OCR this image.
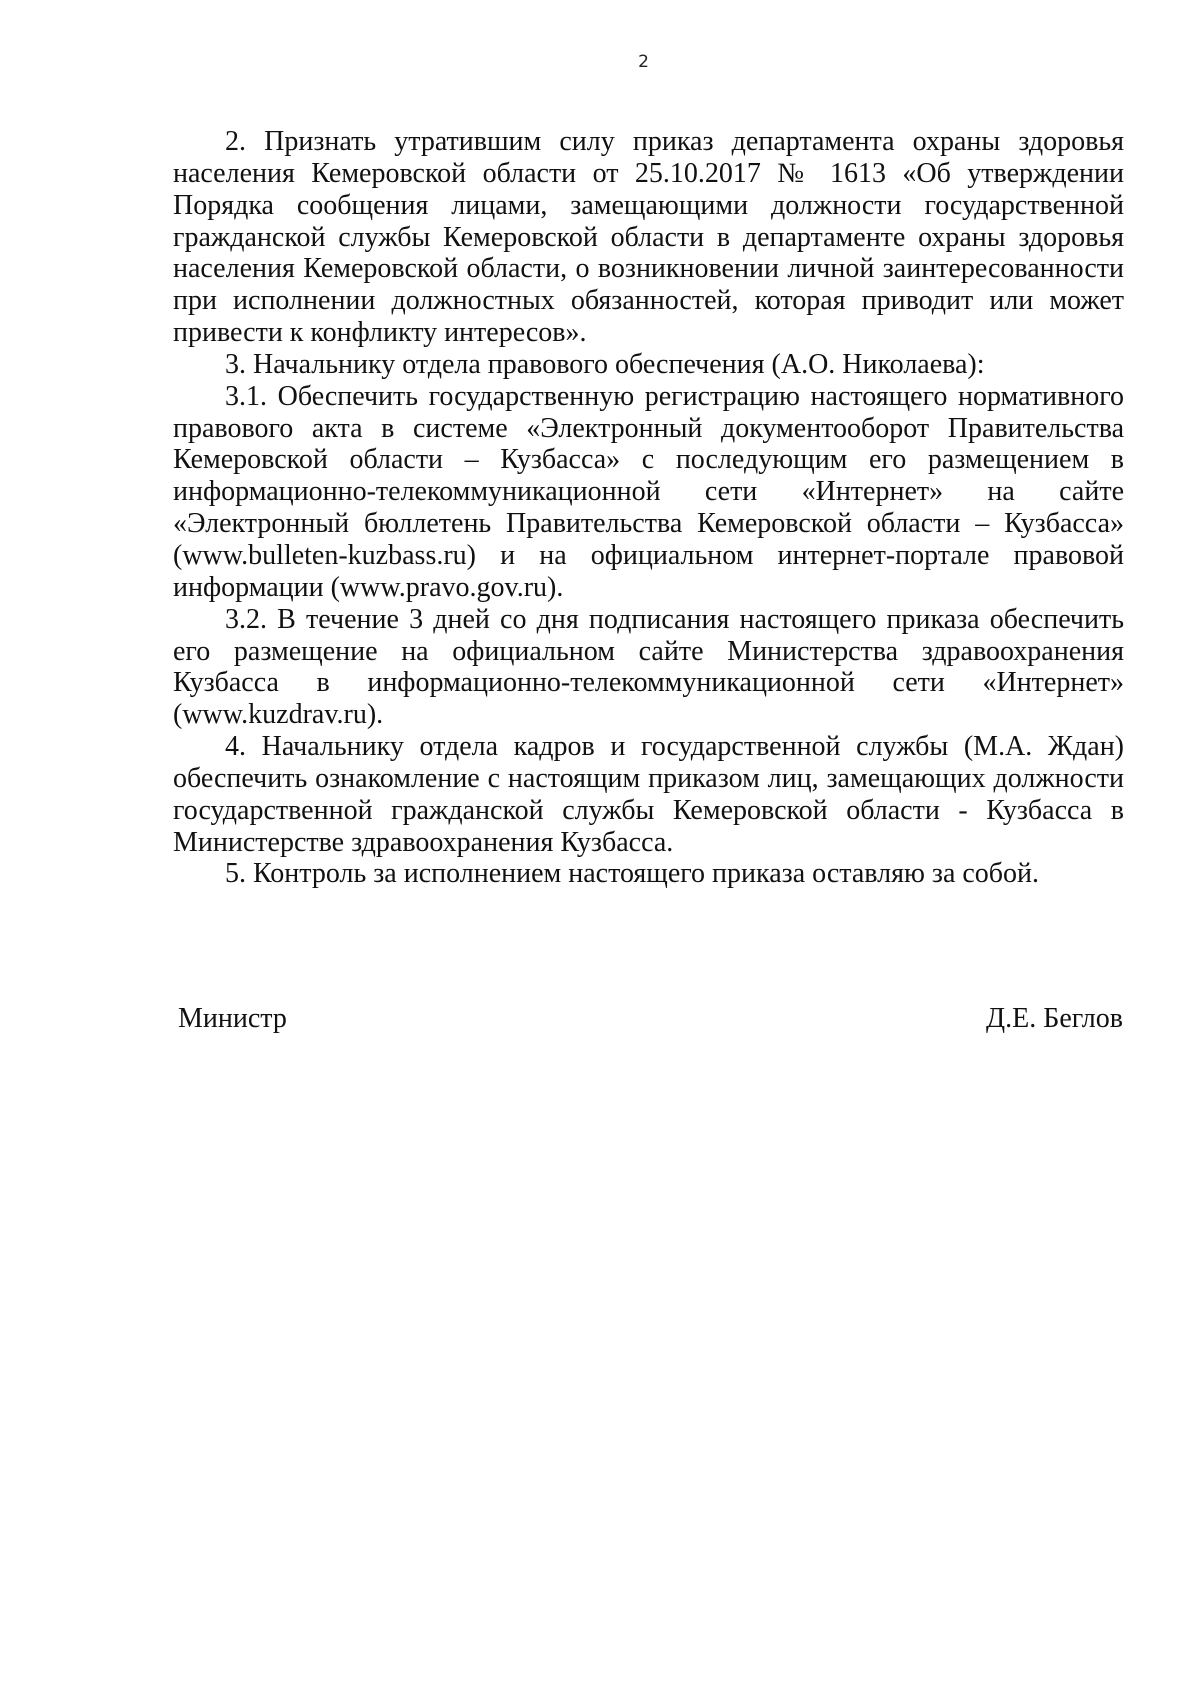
2

2. Признать утратившим силу приказ департамента охраны здоровья населения Кемеровской области от 25.10.2017 № 1613 «Об утверждении Порядка сообщения лицами, замещающими должности государственной гражданской службы Кемеровской области в департаменте охраны здоровья населения Кемеровской области, о возникновении личной заинтересованности при исполнении должностных обязанностей, которая приводит или может привести к конфликту интересов».

3. Начальнику отдела правового обеспечения (А.О. Николаева):

3.1. Обеспечить государственную регистрацию настоящего нормативного правового акта в системе «Электронный документооборот Правительства Кемеровской области – Кузбасса» с последующим его размещением в информационно-телекоммуникационной сети «Интернет» на сайте «Электронный бюллетень Правительства Кемеровской области – Кузбасса» (www.bulleten-kuzbass.ru) и на официальном интернет-портале правовой информации (www.pravo.gov.ru).

3.2. В течение 3 дней со дня подписания настоящего приказа обеспечить его размещение на официальном сайте Министерства здравоохранения Кузбасса в информационно-телекоммуникационной сети «Интернет» (www.kuzdrav.ru).

4. Начальнику отдела кадров и государственной службы (М.А. Ждан) обеспечить ознакомление с настоящим приказом лиц, замещающих должности государственной гражданской службы Кемеровской области - Кузбасса в Министерстве здравоохранения Кузбасса.

5. Контроль за исполнением настоящего приказа оставляю за собой.

Министр	Д.Е. Беглов
